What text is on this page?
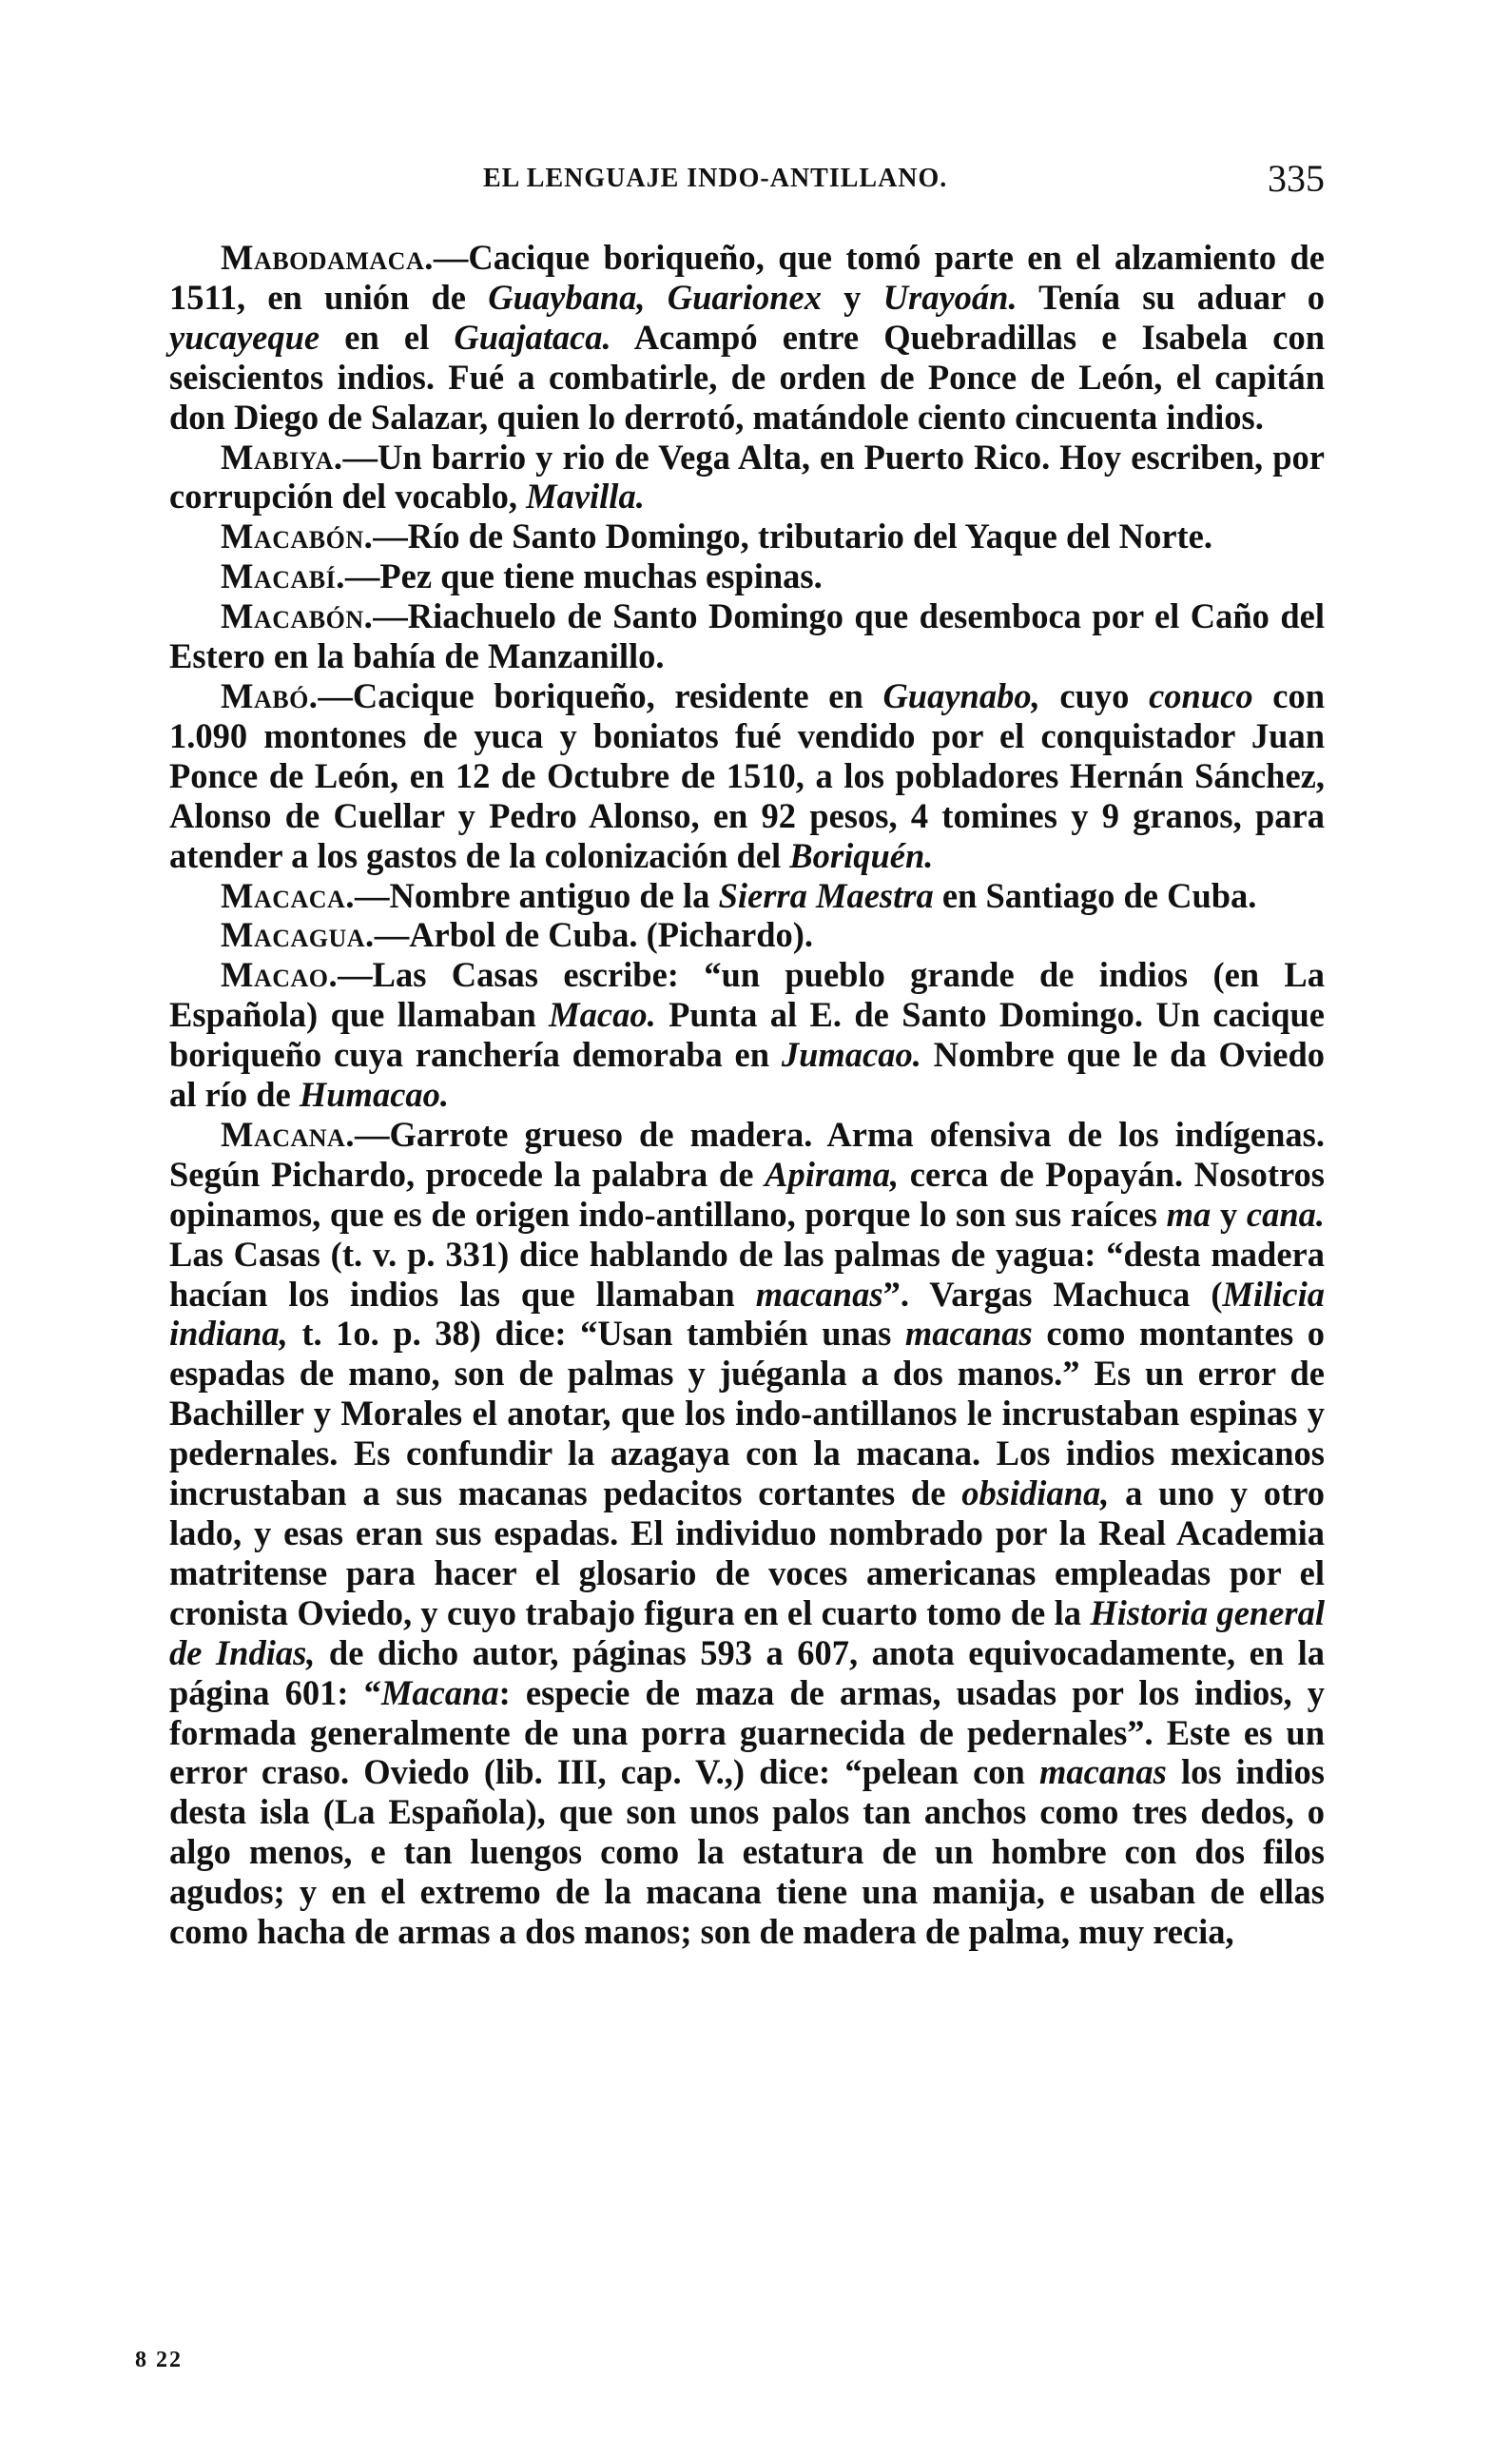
EL LENGUAJE INDO-ANTILLANO.	335

Mabodamaca.—Cacique boriqueño, que tomó parte en el alzamiento de 1511, en unión de Guaybana, Guarionex y Urayoán. Tenía su aduar o yucayeque en el Guajataca. Acampó entre Quebradillas e Isabela con seiscientos indios. Fué a combatirle, de orden de Ponce de León, el capitán don Diego de Salazar, quien lo derrotó, matándole ciento cincuenta indios.

Mabiya.—Un barrio y rio de Vega Alta, en Puerto Rico. Hoy escriben, por corrupción del vocablo, Mavilla.

Macabón.—Río de Santo Domingo, tributario del Yaque del Norte.

Macabí.—Pez que tiene muchas espinas.

Macabón.—Riachuelo de Santo Domingo que desemboca por el Caño del Estero en la bahía de Manzanillo.

Mabó.—Cacique boriqueño, residente en Guaynabo, cuyo conuco con 1.090 montones de yuca y boniatos fué vendido por el conquistador Juan Ponce de León, en 12 de Octubre de 1510, a los pobladores Hernán Sánchez, Alonso de Cuellar y Pedro Alonso, en 92 pesos, 4 tomines y 9 granos, para atender a los gastos de la colonización del Boriquén.

Macaca.—Nombre antiguo de la Sierra Maestra en Santiago de Cuba.

Macagua.—Arbol de Cuba. (Pichardo).

Macao.—Las Casas escribe: “un pueblo grande de indios (en La Española) que llamaban Macao. Punta al E. de Santo Domingo. Un cacique boriqueño cuya ranchería demoraba en Jumacao. Nombre que le da Oviedo al río de Humacao.

Macana.—Garrote grueso de madera. Arma ofensiva de los indígenas. Según Pichardo, procede la palabra de Apirama, cerca de Popayán. Nosotros opinamos, que es de origen indo-antillano, porque lo son sus raíces ma y cana. Las Casas (t. v. p. 331) dice hablando de las palmas de yagua: “desta madera hacían los indios las que llamaban macanas”. Vargas Machuca (Milicia indiana, t. 1o. p. 38) dice: “Usan también unas macanas como montantes o espadas de mano, son de palmas y juéganla a dos manos.” Es un error de Bachiller y Morales el anotar, que los indo-antillanos le incrustaban espinas y pedernales. Es confundir la azagaya con la macana. Los indios mexicanos incrustaban a sus macanas pedacitos cortantes de obsidiana, a uno y otro lado, y esas eran sus espadas. El individuo nombrado por la Real Academia matritense para hacer el glosario de voces americanas empleadas por el cronista Oviedo, y cuyo trabajo figura en el cuarto tomo de la Historia general de Indias, de dicho autor, páginas 593 a 607, anota equivocadamente, en la página 601: “Macana: especie de maza de armas, usadas por los indios, y formada generalmente de una porra guarnecida de pedernales”. Este es un error craso. Oviedo (lib. III, cap. V.,) dice: “pelean con macanas los indios desta isla (La Española), que son unos palos tan anchos como tres dedos, o algo menos, e tan luengos como la estatura de un hombre con dos filos agudos; y en el extremo de la macana tiene una manija, e usaban de ellas como hacha de armas a dos manos; son de madera de palma, muy recia,

8 22
